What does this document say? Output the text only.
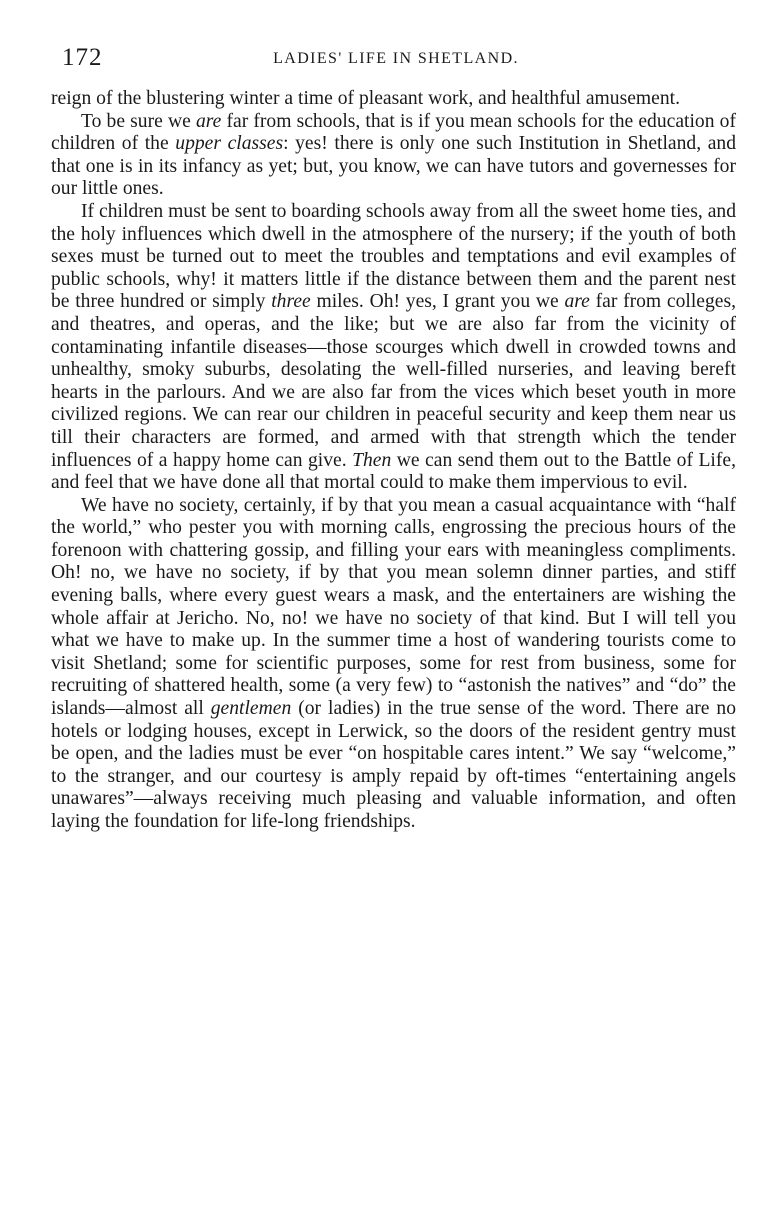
172	LADIES' LIFE IN SHETLAND.

reign of the blustering winter a time of pleasant work, and healthful amusement.

To be sure we are far from schools, that is if you mean schools for the education of children of the upper classes: yes! there is only one such Institution in Shetland, and that one is in its infancy as yet; but, you know, we can have tutors and governesses for our little ones.

If children must be sent to boarding schools away from all the sweet home ties, and the holy influences which dwell in the atmosphere of the nursery; if the youth of both sexes must be turned out to meet the troubles and temptations and evil examples of public schools, why! it matters little if the distance between them and the parent nest be three hundred or simply three miles. Oh! yes, I grant you we are far from colleges, and theatres, and operas, and the like; but we are also far from the vicinity of contaminating infantile diseases—those scourges which dwell in crowded towns and unhealthy, smoky suburbs, desolating the well-filled nurseries, and leaving bereft hearts in the parlours. And we are also far from the vices which beset youth in more civilized regions. We can rear our children in peaceful security and keep them near us till their characters are formed, and armed with that strength which the tender influences of a happy home can give. Then we can send them out to the Battle of Life, and feel that we have done all that mortal could to make them impervious to evil.

We have no society, certainly, if by that you mean a casual acquaintance with “half the world,” who pester you with morning calls, engrossing the precious hours of the forenoon with chattering gossip, and filling your ears with meaningless compliments. Oh! no, we have no society, if by that you mean solemn dinner parties, and stiff evening balls, where every guest wears a mask, and the entertainers are wishing the whole affair at Jericho. No, no! we have no society of that kind. But I will tell you what we have to make up. In the summer time a host of wandering tourists come to visit Shetland; some for scientific purposes, some for rest from business, some for recruiting of shattered health, some (a very few) to “astonish the natives” and “do” the islands—almost all gentlemen (or ladies) in the true sense of the word. There are no hotels or lodging houses, except in Lerwick, so the doors of the resident gentry must be open, and the ladies must be ever “on hospitable cares intent.” We say “welcome,” to the stranger, and our courtesy is amply repaid by oft-times “entertaining angels unawares”—always receiving much pleasing and valuable information, and often laying the foundation for life-long friendships.
